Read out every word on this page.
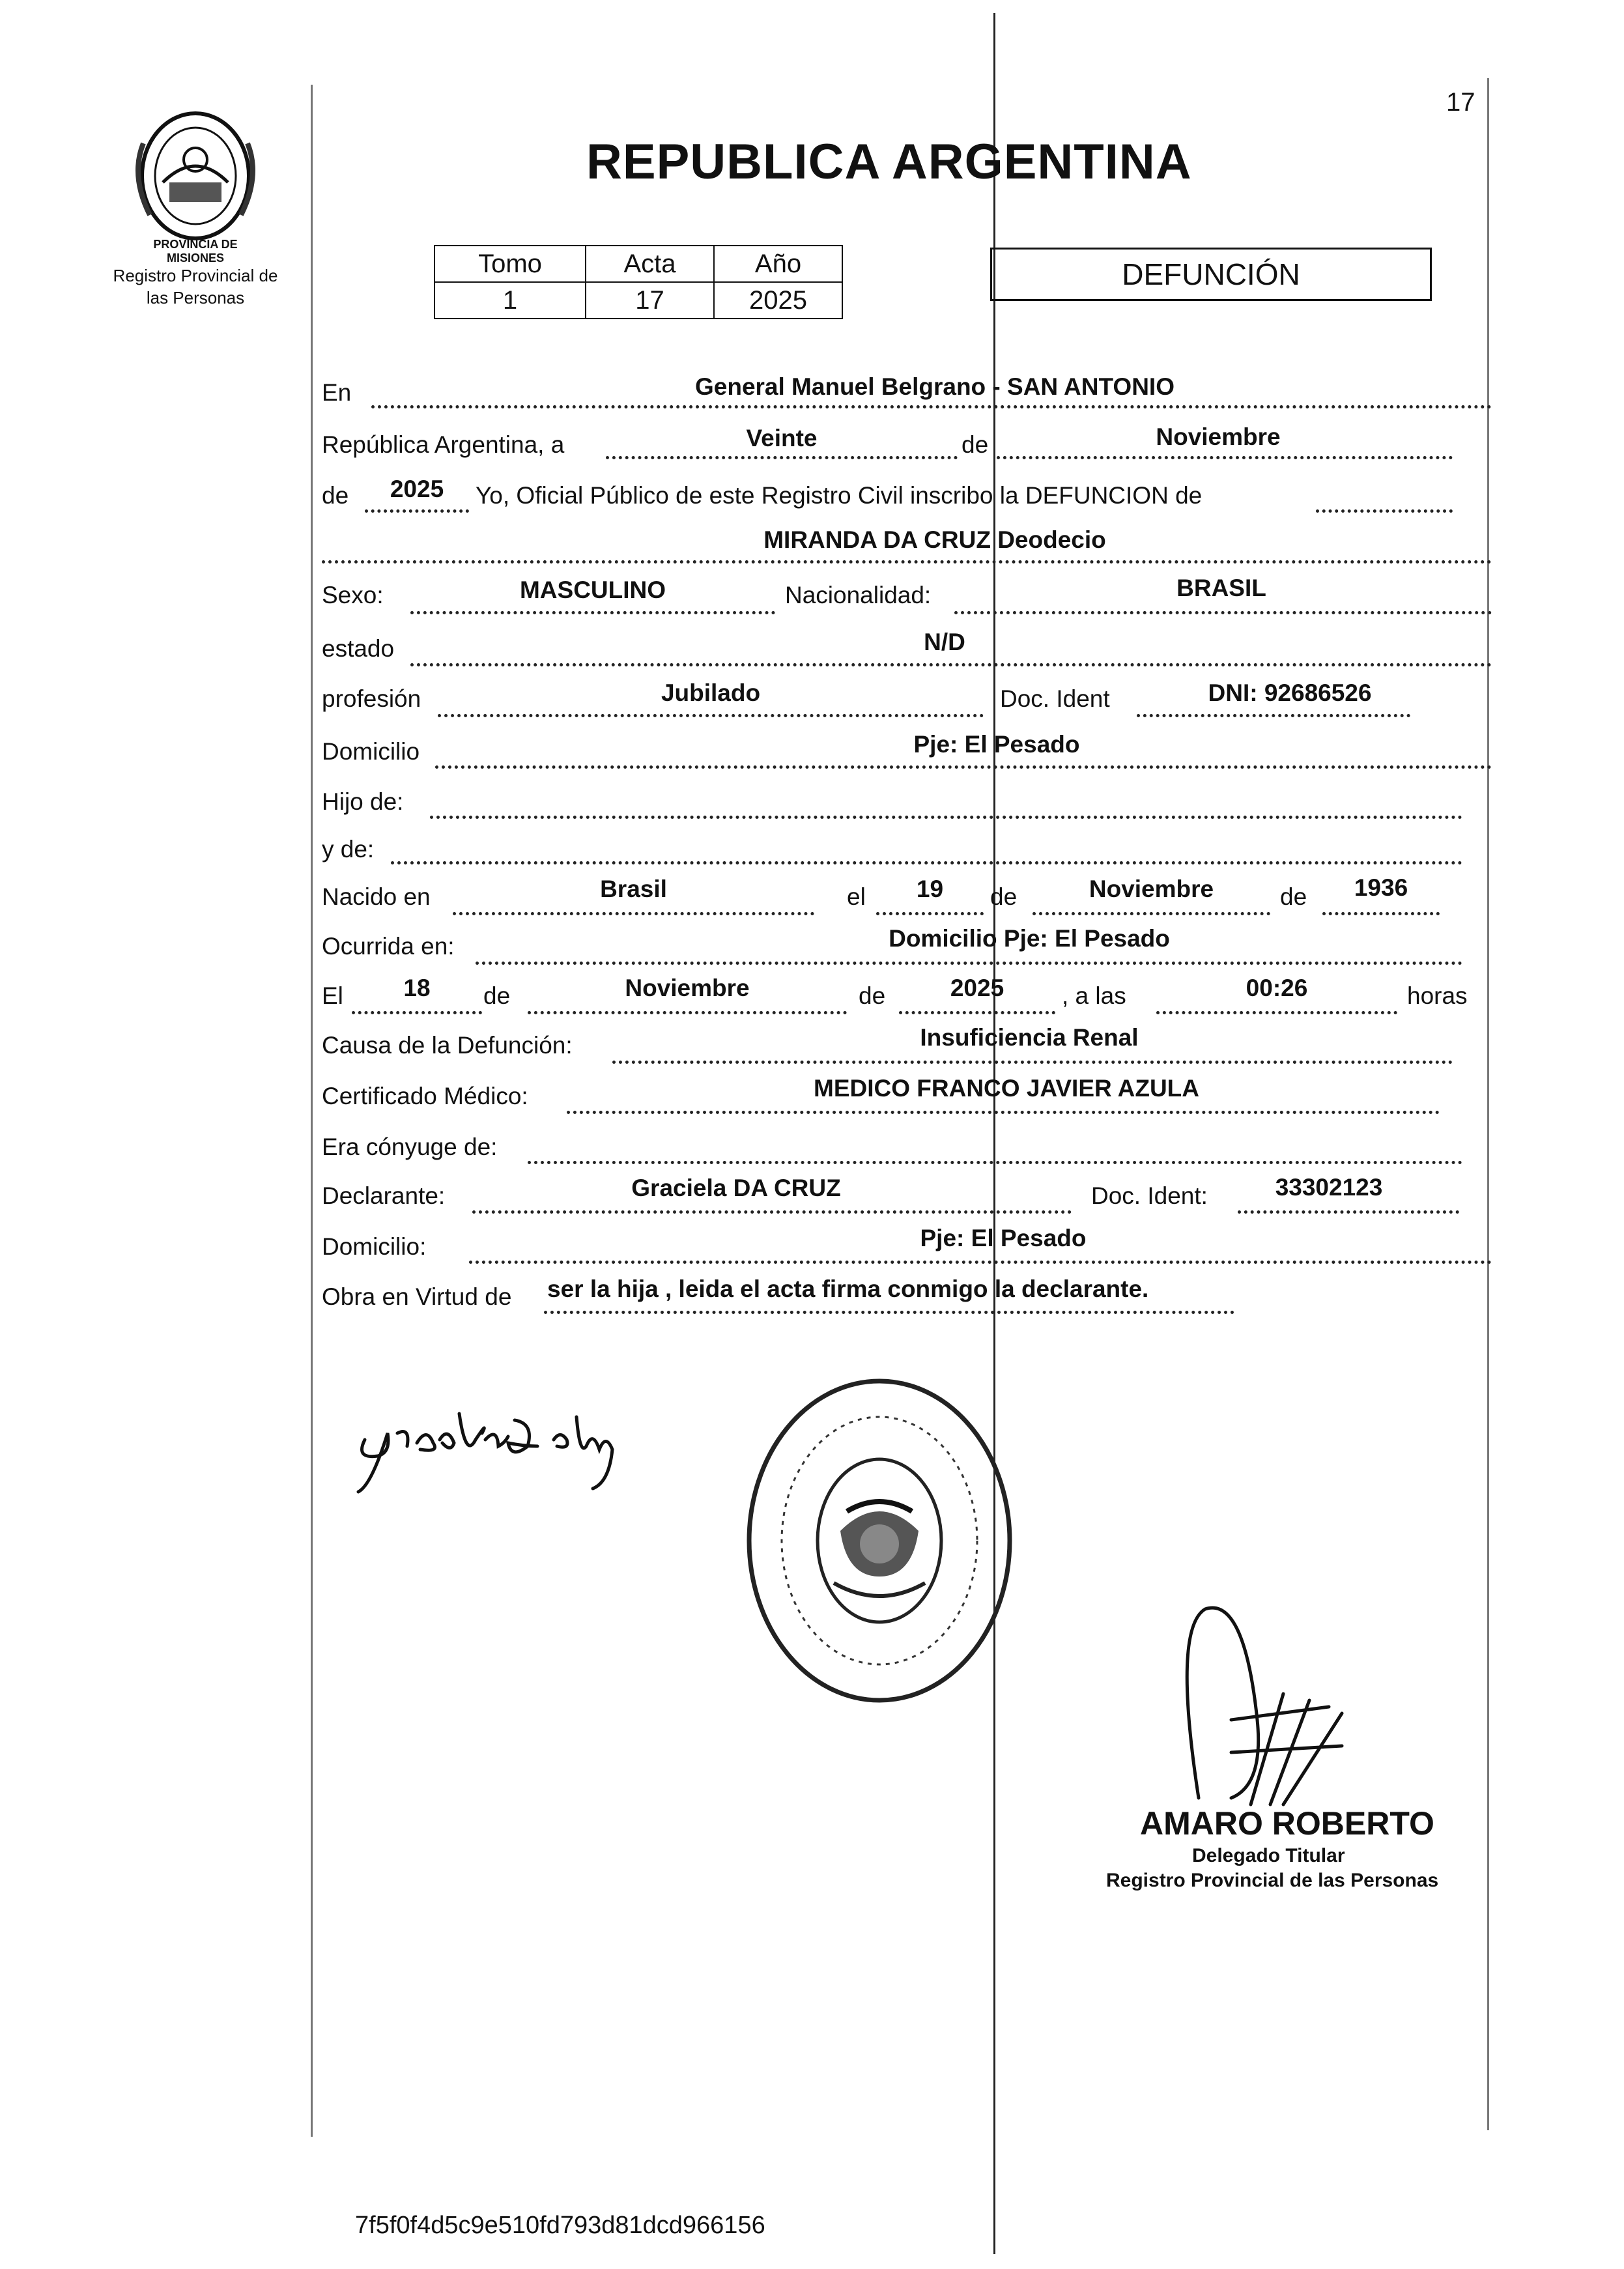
PROVINCIA DE MISIONES
Registro Provincial de
las Personas
17
REPUBLICA ARGENTINA
Tomo	Acta	Año
1	17	2025
DEFUNCIÓN
En	General Manuel Belgrano - SAN ANTONIO
República Argentina, a	Veinte	de	Noviembre
de	2025	Yo, Oficial Público de este Registro Civil inscribo la DEFUNCION de
MIRANDA DA CRUZ Deodecio
Sexo:	MASCULINO	Nacionalidad:	BRASIL
estado	N/D
profesión	Jubilado	Doc. Ident	DNI: 92686526
Domicilio	Pje: El Pesado
Hijo de:
y de:
Nacido en	Brasil	el	19	de	Noviembre	de	1936
Ocurrida en:	Domicilio Pje: El Pesado
El	18	de	Noviembre	de	2025	, a las	00:26	horas
Causa de la Defunción:	Insuficiencia Renal
Certificado Médico:	MEDICO FRANCO JAVIER AZULA
Era cónyuge de:
Declarante:	Graciela DA CRUZ	Doc. Ident:	33302123
Domicilio:	Pje: El Pesado
Obra en Virtud de ser la hija , leida el acta firma conmigo la declarante.
AMARO ROBERTO
Delegado Titular
Registro Provincial de las Personas
7f5f0f4d5c9e510fd793d81dcd966156
